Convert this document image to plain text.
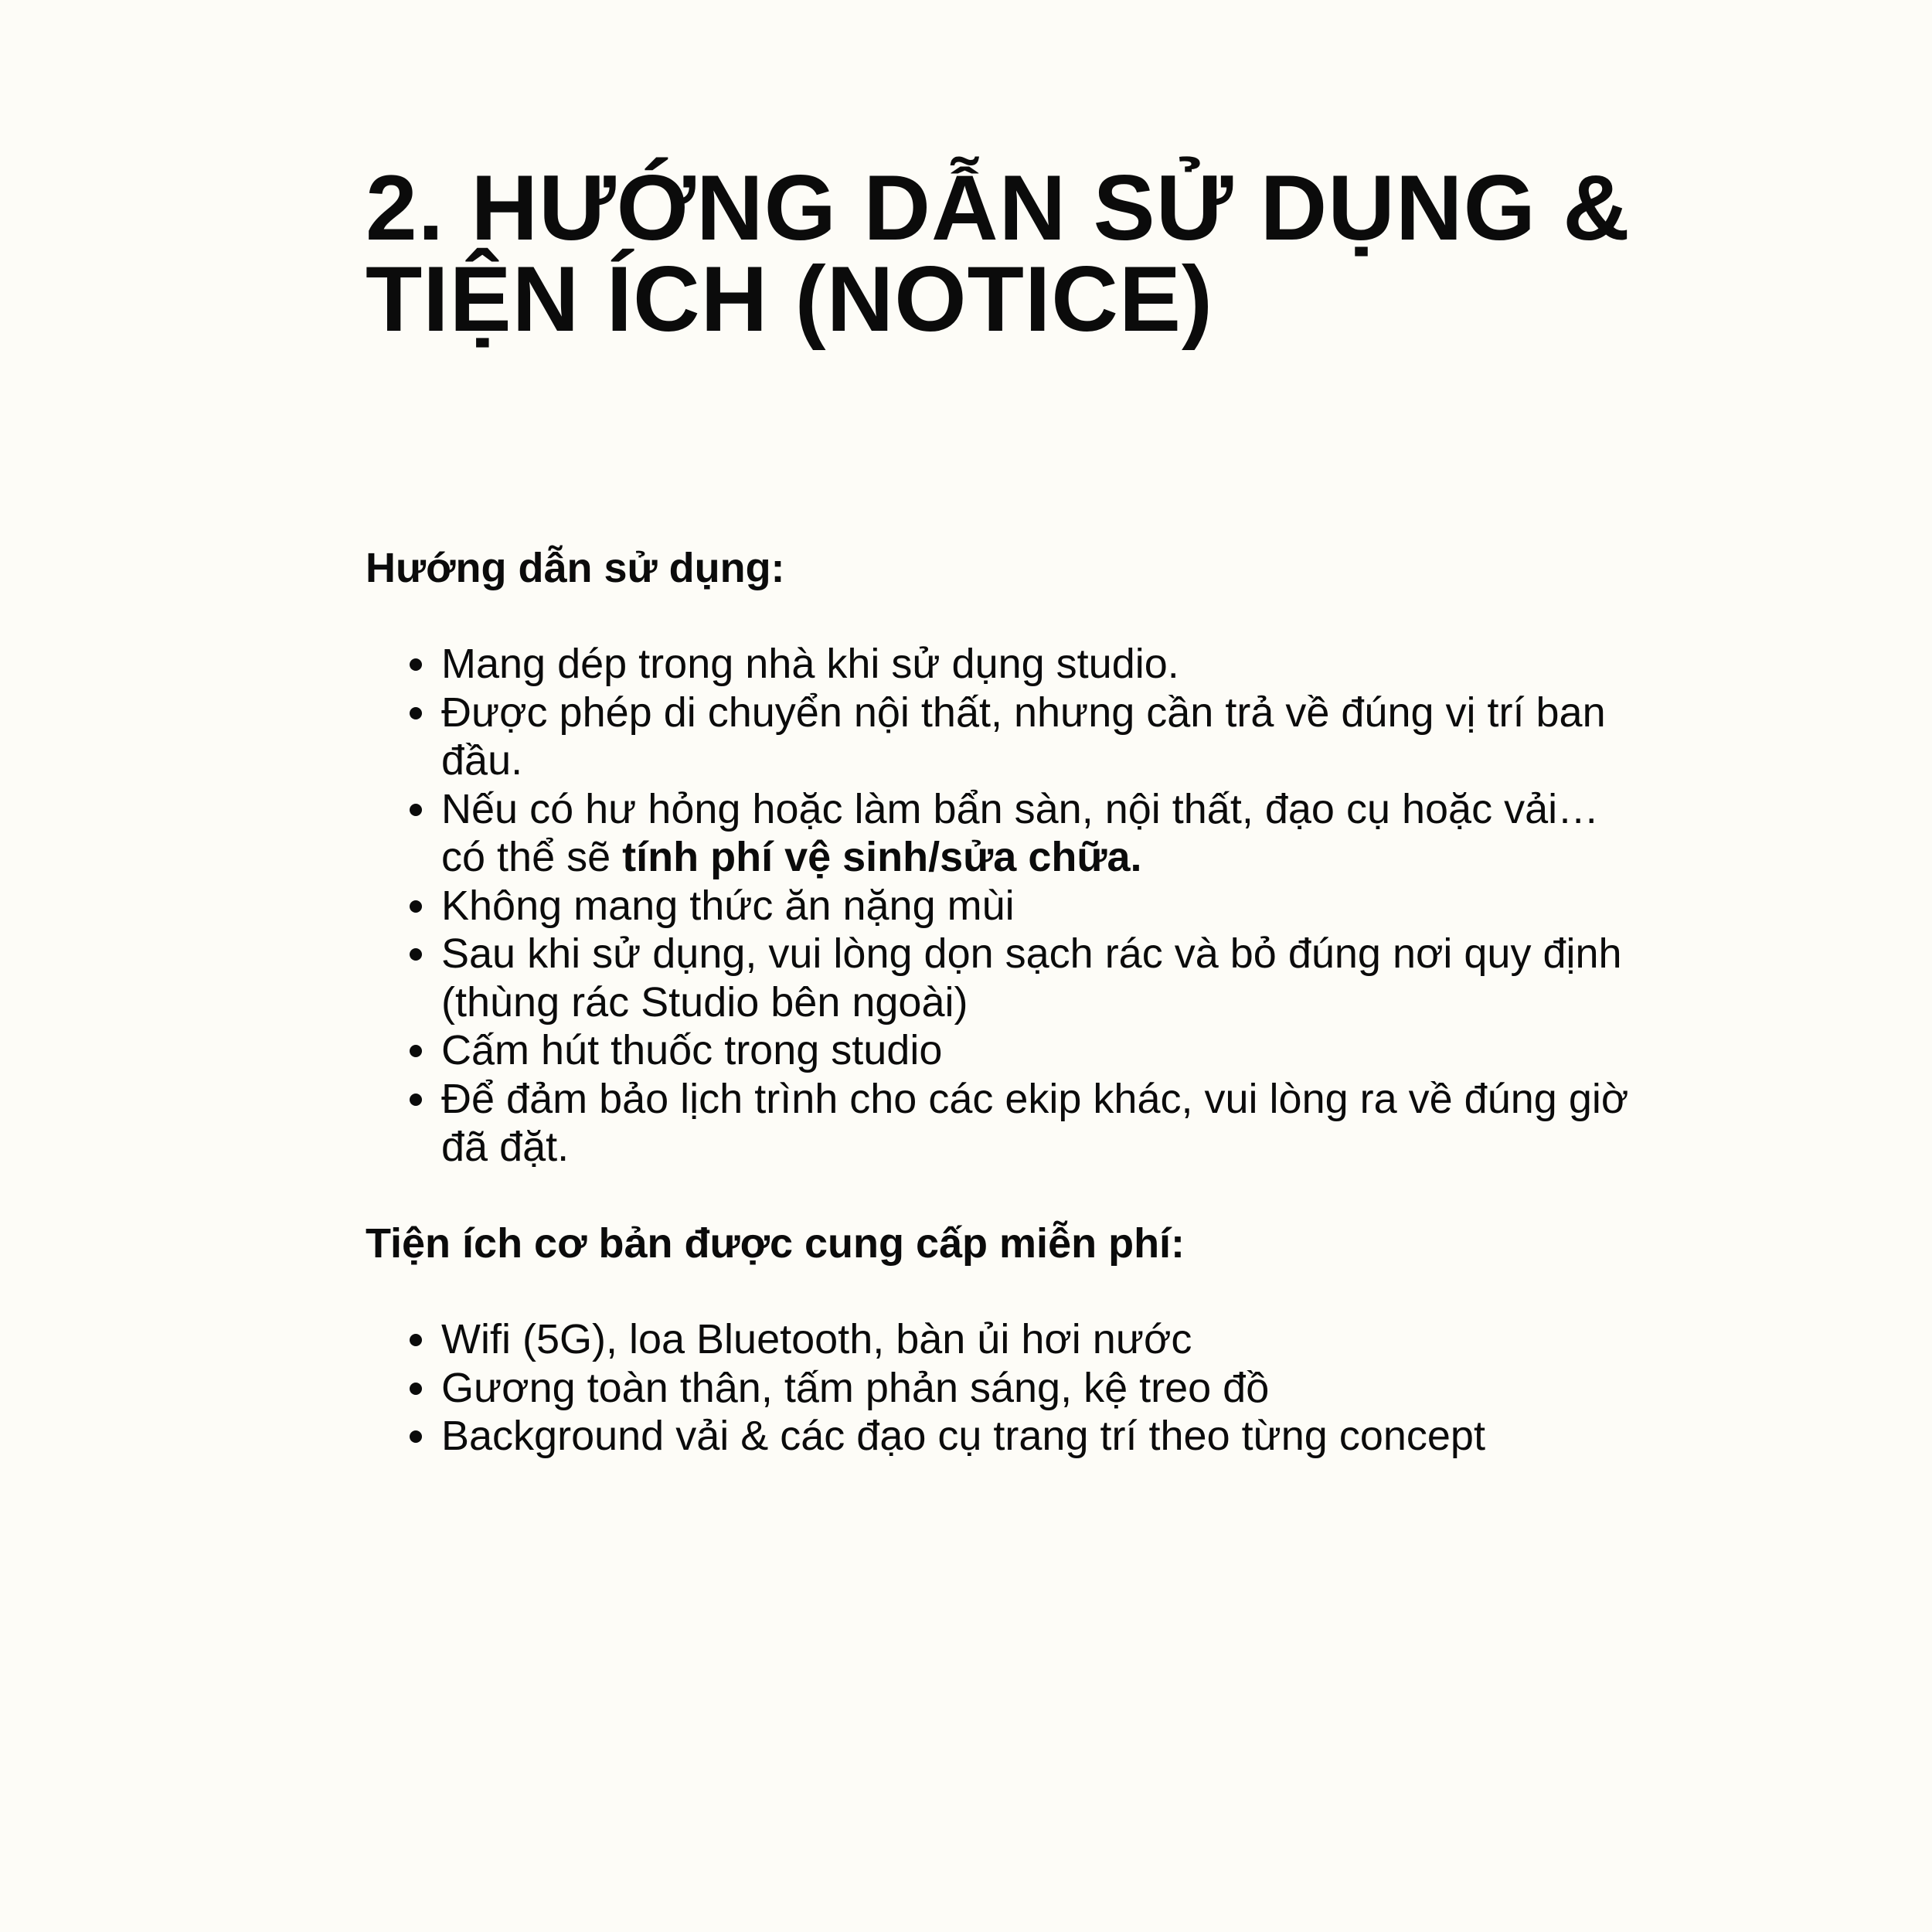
2. HƯỚNG DẪN SỬ DỤNG &
TIỆN ÍCH (NOTICE)
Hướng dẫn sử dụng:
Mang dép trong nhà khi sử dụng studio.
Được phép di chuyển nội thất, nhưng cần trả về đúng vị trí ban đầu.
Nếu có hư hỏng hoặc làm bẩn sàn, nội thất, đạo cụ hoặc vải… có thể sẽ tính phí vệ sinh/sửa chữa.
Không mang thức ăn nặng mùi
Sau khi sử dụng, vui lòng dọn sạch rác và bỏ đúng nơi quy định (thùng rác Studio bên ngoài)
Cấm hút thuốc trong studio
Để đảm bảo lịch trình cho các ekip khác, vui lòng ra về đúng giờ đã đặt.
Tiện ích cơ bản được cung cấp miễn phí:
Wifi (5G), loa Bluetooth, bàn ủi hơi nước
Gương toàn thân, tấm phản sáng, kệ treo đồ
Background vải & các đạo cụ trang trí theo từng concept
